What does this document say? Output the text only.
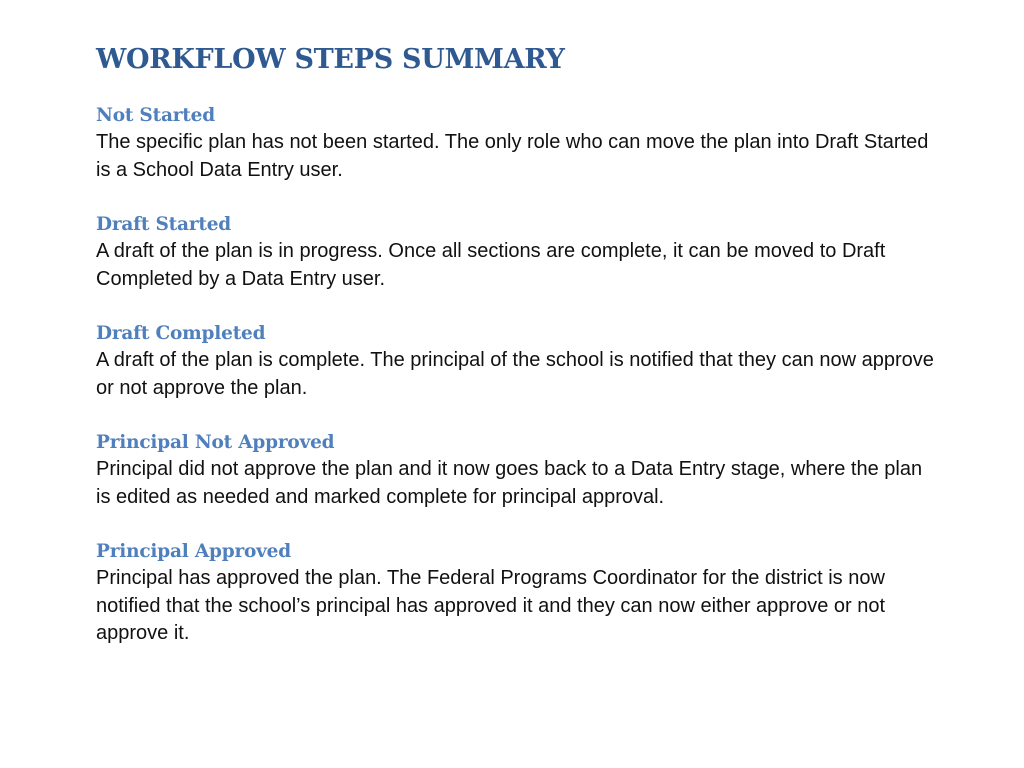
WORKFLOW STEPS SUMMARY
Not Started
The specific plan has not been started. The only role who can move the plan into Draft Started is a School Data Entry user.
Draft Started
A draft of the plan is in progress. Once all sections are complete, it can be moved to Draft Completed by a Data Entry user.
Draft Completed
A draft of the plan is complete. The principal of the school is notified that they can now approve or not approve the plan.
Principal Not Approved
Principal did not approve the plan and it now goes back to a Data Entry stage, where the plan is edited as needed and marked complete for principal approval.
Principal Approved
Principal has approved the plan. The Federal Programs Coordinator for the district is now notified that the school’s principal has approved it and they can now either approve or not approve it.
